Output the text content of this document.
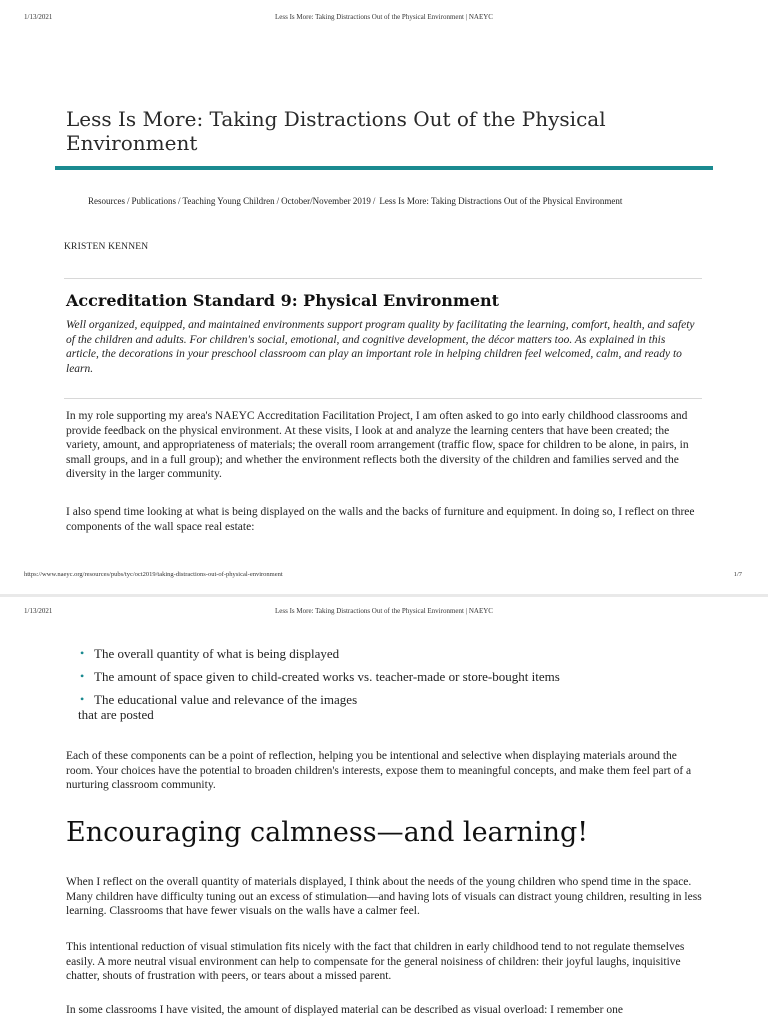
1/13/2021	Less Is More: Taking Distractions Out of the Physical Environment | NAEYC
Less Is More: Taking Distractions Out of the Physical Environment
Resources / Publications / Teaching Young Children / October/November 2019 / Less Is More: Taking Distractions Out of the Physical Environment
KRISTEN KENNEN
Accreditation Standard 9: Physical Environment

Well organized, equipped, and maintained environments support program quality by facilitating the learning, comfort, health, and safety of the children and adults. For children's social, emotional, and cognitive development, the décor matters too. As explained in this article, the decorations in your preschool classroom can play an important role in helping children feel welcomed, calm, and ready to learn.

In my role supporting my area's NAEYC Accreditation Facilitation Project, I am often asked to go into early childhood classrooms and provide feedback on the physical environment. At these visits, I look at and analyze the learning centers that have been created; the variety, amount, and appropriateness of materials; the overall room arrangement (traffic flow, space for children to be alone, in pairs, in small groups, and in a full group); and whether the environment reflects both the diversity of the children and families served and the diversity in the larger community.

I also spend time looking at what is being displayed on the walls and the backs of furniture and equipment. In doing so, I reflect on three components of the wall space real estate:

https://www.naeyc.org/resources/pubs/tyc/oct2019/taking-distractions-out-of-physical-environment	1/7
1/13/2021	Less Is More: Taking Distractions Out of the Physical Environment | NAEYC
• The overall quantity of what is being displayed
• The amount of space given to child-created works vs. teacher-made or store-bought items
• The educational value and relevance of the images
that are posted

Each of these components can be a point of reflection, helping you be intentional and selective when displaying materials around the room. Your choices have the potential to broaden children's interests, expose them to meaningful concepts, and make them feel part of a nurturing classroom community.

Encouraging calmness—and learning!

When I reflect on the overall quantity of materials displayed, I think about the needs of the young children who spend time in the space. Many children have difficulty tuning out an excess of stimulation—and having lots of visuals can distract young children, resulting in less learning. Classrooms that have fewer visuals on the walls have a calmer feel.

This intentional reduction of visual stimulation fits nicely with the fact that children in early childhood tend to not regulate themselves easily. A more neutral visual environment can help to compensate for the general noisiness of children: their joyful laughs, inquisitive chatter, shouts of frustration with peers, or tears about a missed parent.

In some classrooms I have visited, the amount of displayed material can be described as visual overload: I remember one
